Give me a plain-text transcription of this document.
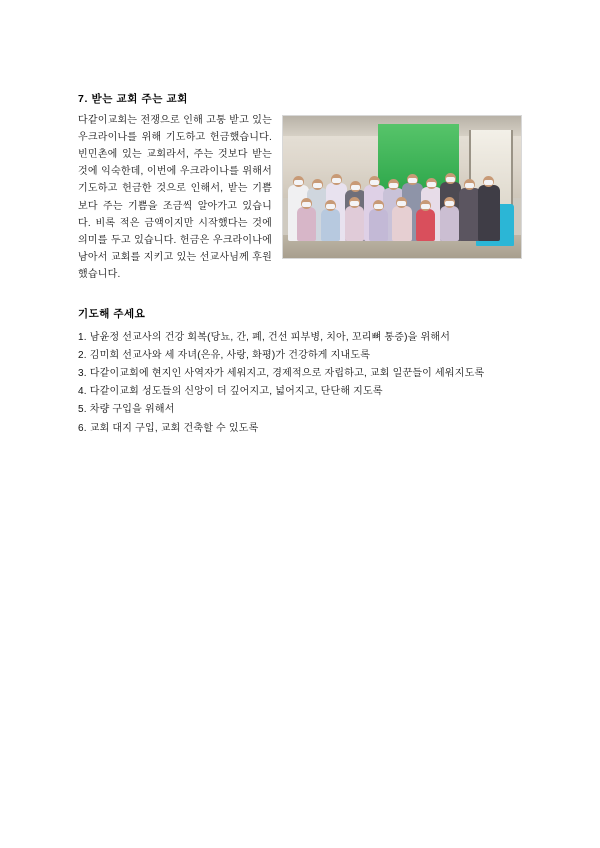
7. 받는 교회 주는 교회

다같이교회는 전쟁으로 인해 고통 받고 있는 우크라이나를 위해 기도하고 헌금했습니다. 빈민촌에 있는 교회라서, 주는 것보다 받는 것에 익숙한데, 이번에 우크라이나를 위해서 기도하고 헌금한 것으로 인해서, 받는 기쁨보다 주는 기쁨을 조금씩 알아가고 있습니다. 비록 적은 금액이지만 시작했다는 것에 의미를 두고 있습니다. 헌금은 우크라이나에 남아서 교회를 지키고 있는 선교사님께 후원했습니다.

기도해 주세요
1. 남윤정 선교사의 건강 회복(당뇨, 간, 폐, 건선 피부병, 치아, 꼬리뼈 통증)을 위해서
2. 김미희 선교사와 세 자녀(은유, 사랑, 화평)가 건강하게 지내도록
3. 다같이교회에 현지인 사역자가 세워지고, 경제적으로 자립하고, 교회 일꾼들이 세워지도록
4. 다같이교회 성도들의 신앙이 더 깊어지고, 넓어지고, 단단해 지도록
5. 차량 구입을 위해서
6. 교회 대지 구입, 교회 건축할 수 있도록
